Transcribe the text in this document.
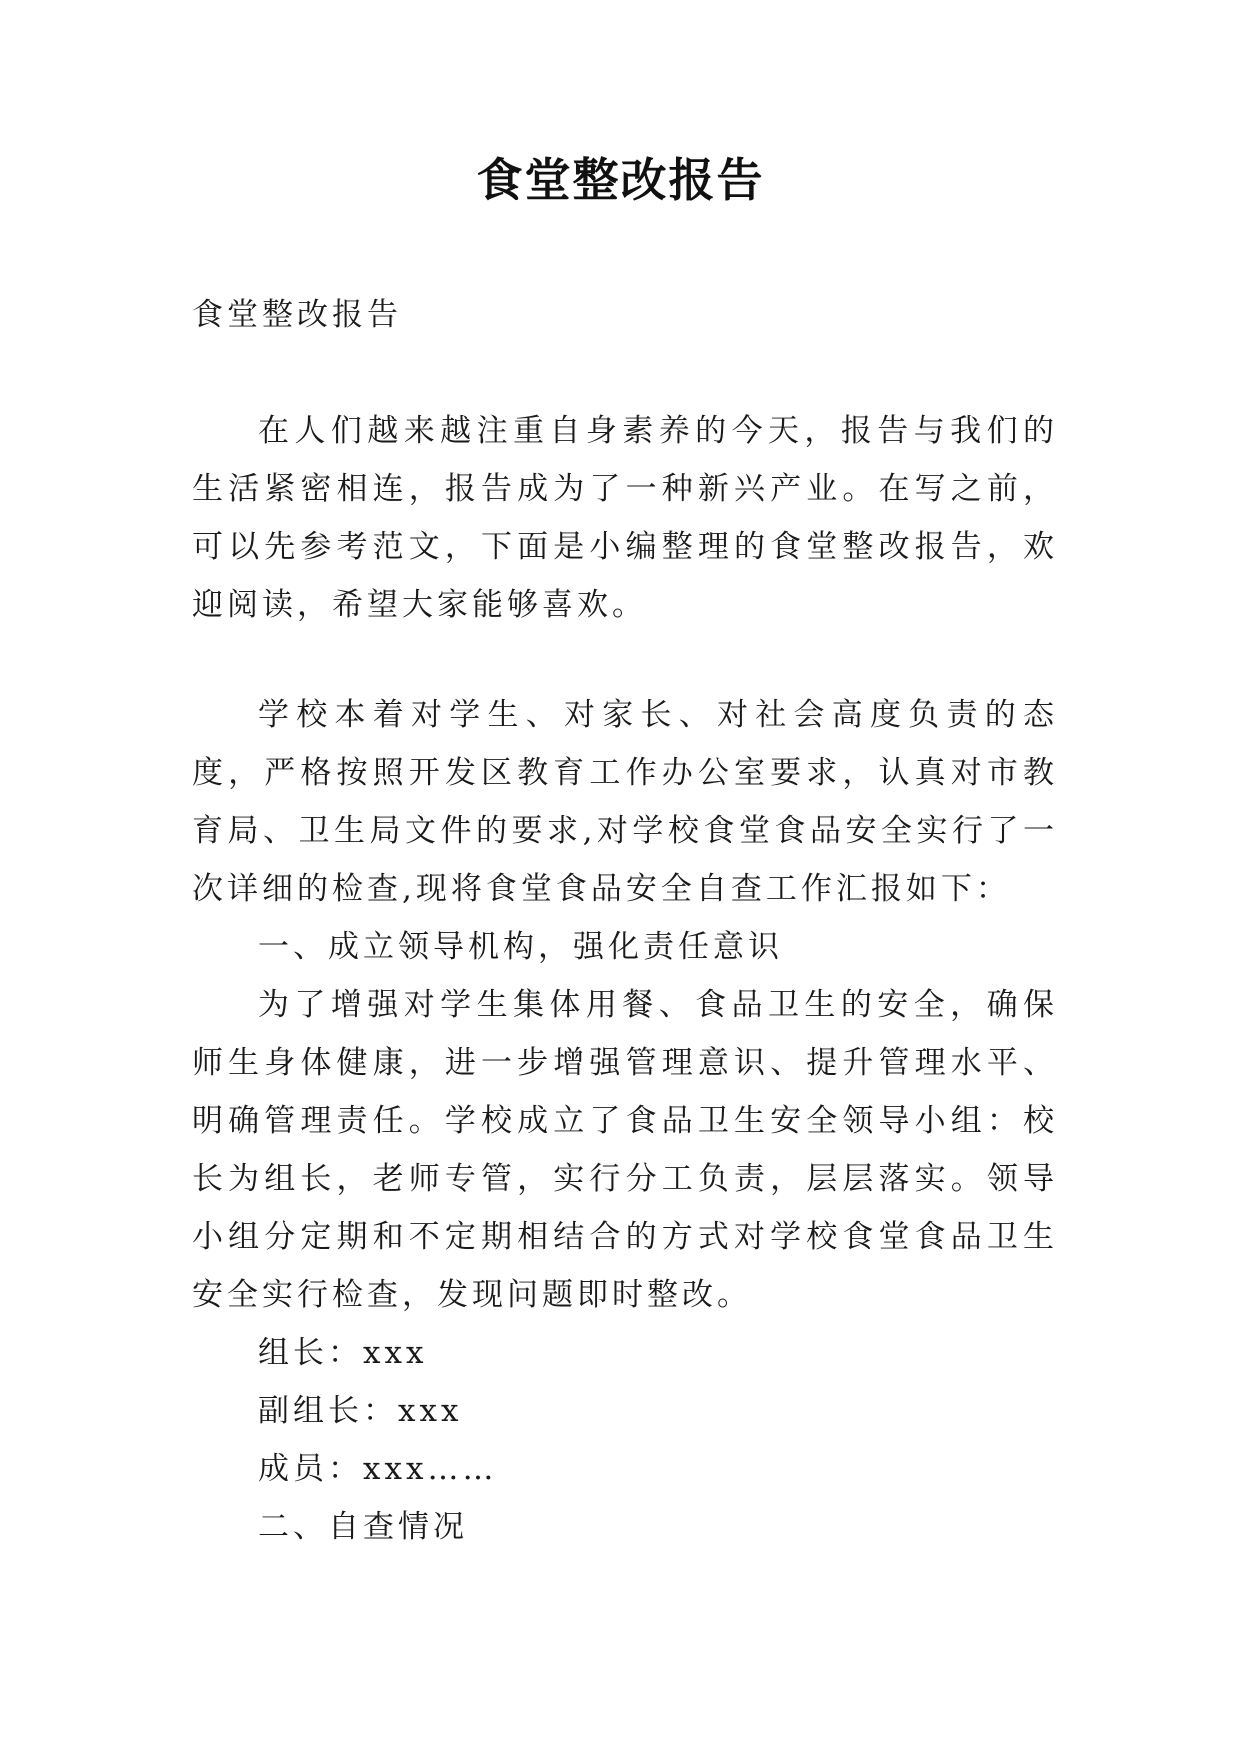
食堂整改报告

食堂整改报告

在人们越来越注重自身素养的今天，报告与我们的生活紧密相连，报告成为了一种新兴产业。在写之前，可以先参考范文，下面是小编整理的食堂整改报告，欢迎阅读，希望大家能够喜欢。

学校本着对学生、对家长、对社会高度负责的态度，严格按照开发区教育工作办公室要求，认真对市教育局、卫生局文件的要求,对学校食堂食品安全实行了一次详细的检查,现将食堂食品安全自查工作汇报如下：

一、成立领导机构，强化责任意识

为了增强对学生集体用餐、食品卫生的安全，确保师生身体健康，进一步增强管理意识、提升管理水平、明确管理责任。学校成立了食品卫生安全领导小组：校长为组长，老师专管，实行分工负责，层层落实。领导小组分定期和不定期相结合的方式对学校食堂食品卫生安全实行检查，发现问题即时整改。

组长：xxx

副组长：xxx

成员：xxx……

二、自查情况
